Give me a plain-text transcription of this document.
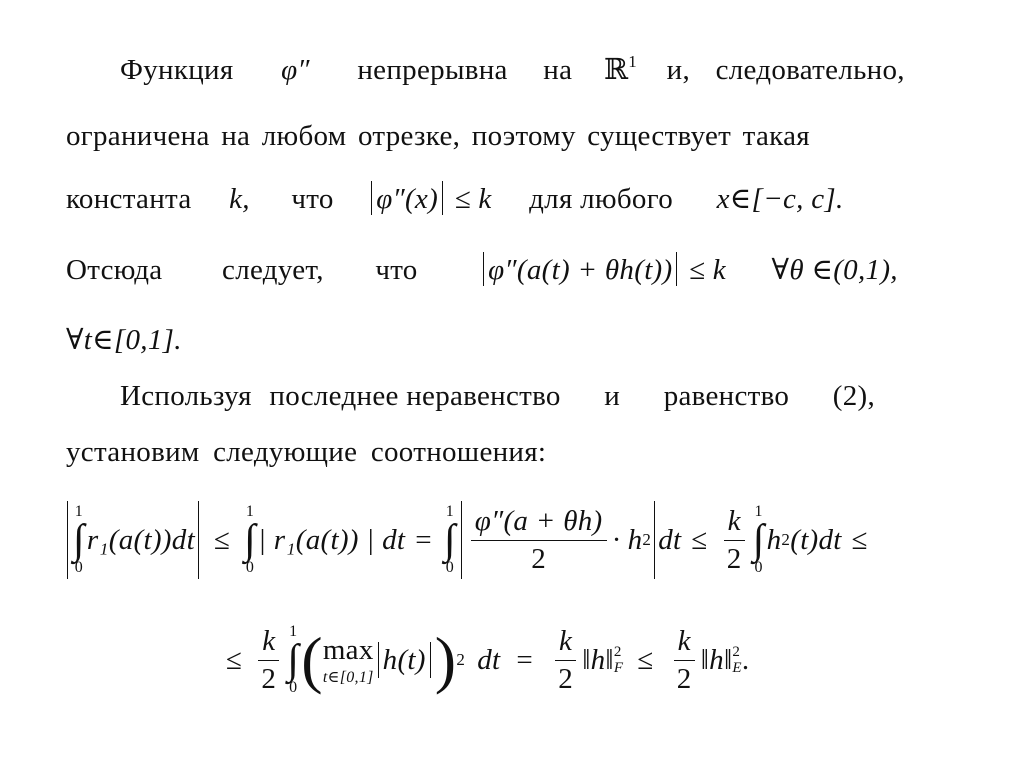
Функция φ″ непрерывна на ℝ$^1$ и, следовательно,
ограничена на любом отрезке, поэтому существует такая
константа k, что φ″(x) ≤ k для любого x∈[−c, c].
Отсюда следует, что φ″(a(t) + θh(t)) ≤ k ∀θ ∈(0,1),
∀t∈[0,1].
Используя последнее неравенство и равенство (2),
установим следующие соотношения:
1
∫
0
r₁(a(t))dt ≤
1
∫
0
| r₁(a(t)) | dt =
1
∫
$0 \frac{\varphi''(a + \theta h)}{2} \cdot h$ 2 dt ≤ $\frac{k}{2} 1$
∫
0
h 2 (t)dt ≤
≤ $\frac{k}{2} 1$
∫
0 ( max
t∈[0,1]
h(t) ) 2 dt = $\frac{k}{2}$ ‖h‖ 2
$F \le \frac{k}{2}$ ‖h‖ 2
E .
